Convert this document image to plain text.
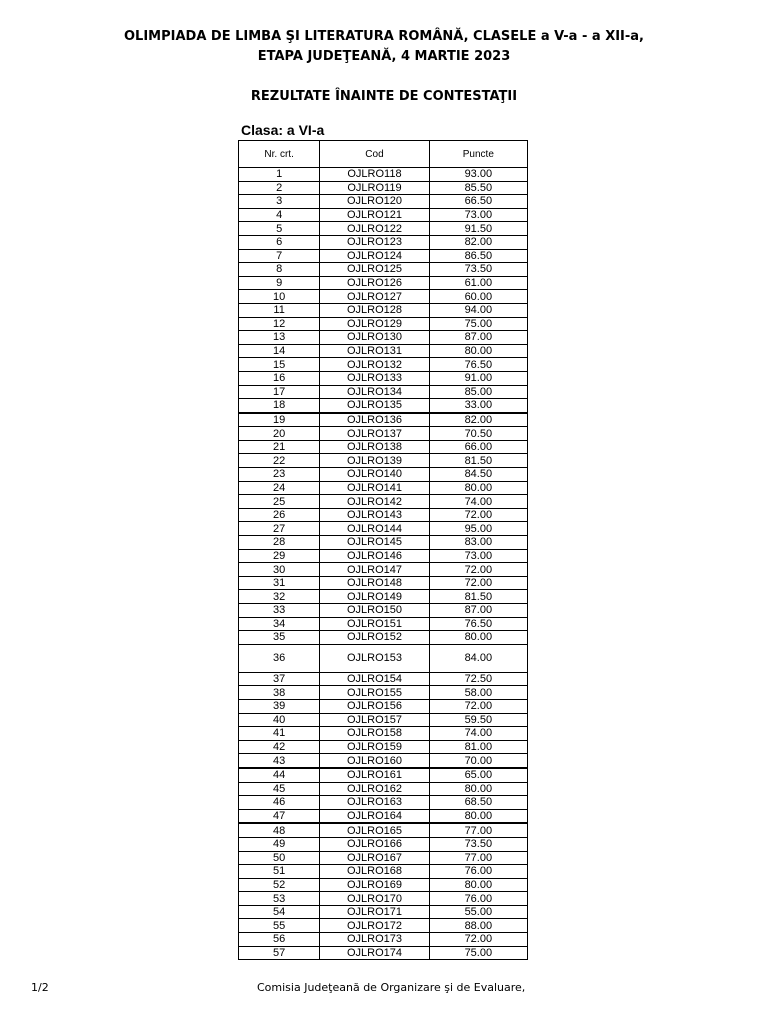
OLIMPIADA DE LIMBA ŞI LITERATURA ROMÂNĂ, CLASELE a V-a - a XII-a,
ETAPA JUDEŢEANĂ, 4 MARTIE 2023
REZULTATE ÎNAINTE DE CONTESTAŢII
Clasa: a VI-a
Nr. crt.	Cod	Puncte
1	OJLRO118	93.00
2	OJLRO119	85.50
3	OJLRO120	66.50
4	OJLRO121	73.00
5	OJLRO122	91.50
6	OJLRO123	82.00
7	OJLRO124	86.50
8	OJLRO125	73.50
9	OJLRO126	61.00
10	OJLRO127	60.00
11	OJLRO128	94.00
12	OJLRO129	75.00
13	OJLRO130	87.00
14	OJLRO131	80.00
15	OJLRO132	76.50
16	OJLRO133	91.00
17	OJLRO134	85.00
18	OJLRO135	33.00
19	OJLRO136	82.00
20	OJLRO137	70.50
21	OJLRO138	66.00
22	OJLRO139	81.50
23	OJLRO140	84.50
24	OJLRO141	80.00
25	OJLRO142	74.00
26	OJLRO143	72.00
27	OJLRO144	95.00
28	OJLRO145	83.00
29	OJLRO146	73.00
30	OJLRO147	72.00
31	OJLRO148	72.00
32	OJLRO149	81.50
33	OJLRO150	87.00
34	OJLRO151	76.50
35	OJLRO152	80.00
36	OJLRO153	84.00
37	OJLRO154	72.50
38	OJLRO155	58.00
39	OJLRO156	72.00
40	OJLRO157	59.50
41	OJLRO158	74.00
42	OJLRO159	81.00
43	OJLRO160	70.00
44	OJLRO161	65.00
45	OJLRO162	80.00
46	OJLRO163	68.50
47	OJLRO164	80.00
48	OJLRO165	77.00
49	OJLRO166	73.50
50	OJLRO167	77.00
51	OJLRO168	76.00
52	OJLRO169	80.00
53	OJLRO170	76.00
54	OJLRO171	55.00
55	OJLRO172	88.00
56	OJLRO173	72.00
57	OJLRO174	75.00
1/2	Comisia Judeţeană de Organizare şi de Evaluare,
